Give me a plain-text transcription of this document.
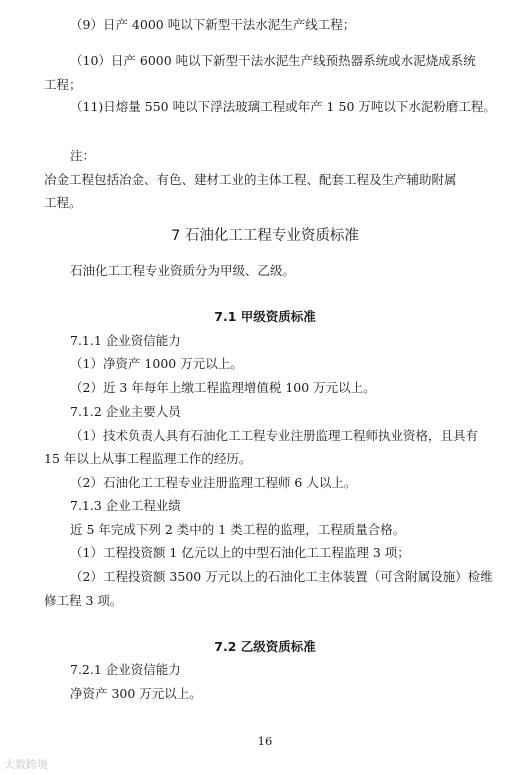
（9）日产 4000 吨以下新型干法水泥生产线工程；
（10）日产 6000 吨以下新型干法水泥生产线预热器系统或水泥烧成系统
工程；
（11)日熔量 550 吨以下浮法玻璃工程或年产 1 50 万吨以下水泥粉磨工程。
注：
冶金工程包括冶金、有色、建材工业的主体工程、配套工程及生产辅助附属
工程。
7 石油化工工程专业资质标准
石油化工工程专业资质分为甲级、乙级。
7.1 甲级资质标准
7.1.1 企业资信能力
（1）净资产 1000 万元以上。
（2）近 3 年每年上缴工程监理增值税 100 万元以上。
7.1.2 企业主要人员
（1）技术负责人具有石油化工工程专业注册监理工程师执业资格，且具有
15 年以上从事工程监理工作的经历。
（2）石油化工工程专业注册监理工程师 6 人以上。
7.1.3 企业工程业绩
近 5 年完成下列 2 类中的 1 类工程的监理，工程质量合格。
（1）工程投资额 1 亿元以上的中型石油化工工程监理 3 项；
（2）工程投资额 3500 万元以上的石油化工主体装置（可含附属设施）检维
修工程 3 项。
7.2 乙级资质标准
7.2.1 企业资信能力
净资产 300 万元以上。
16
大数跨境
